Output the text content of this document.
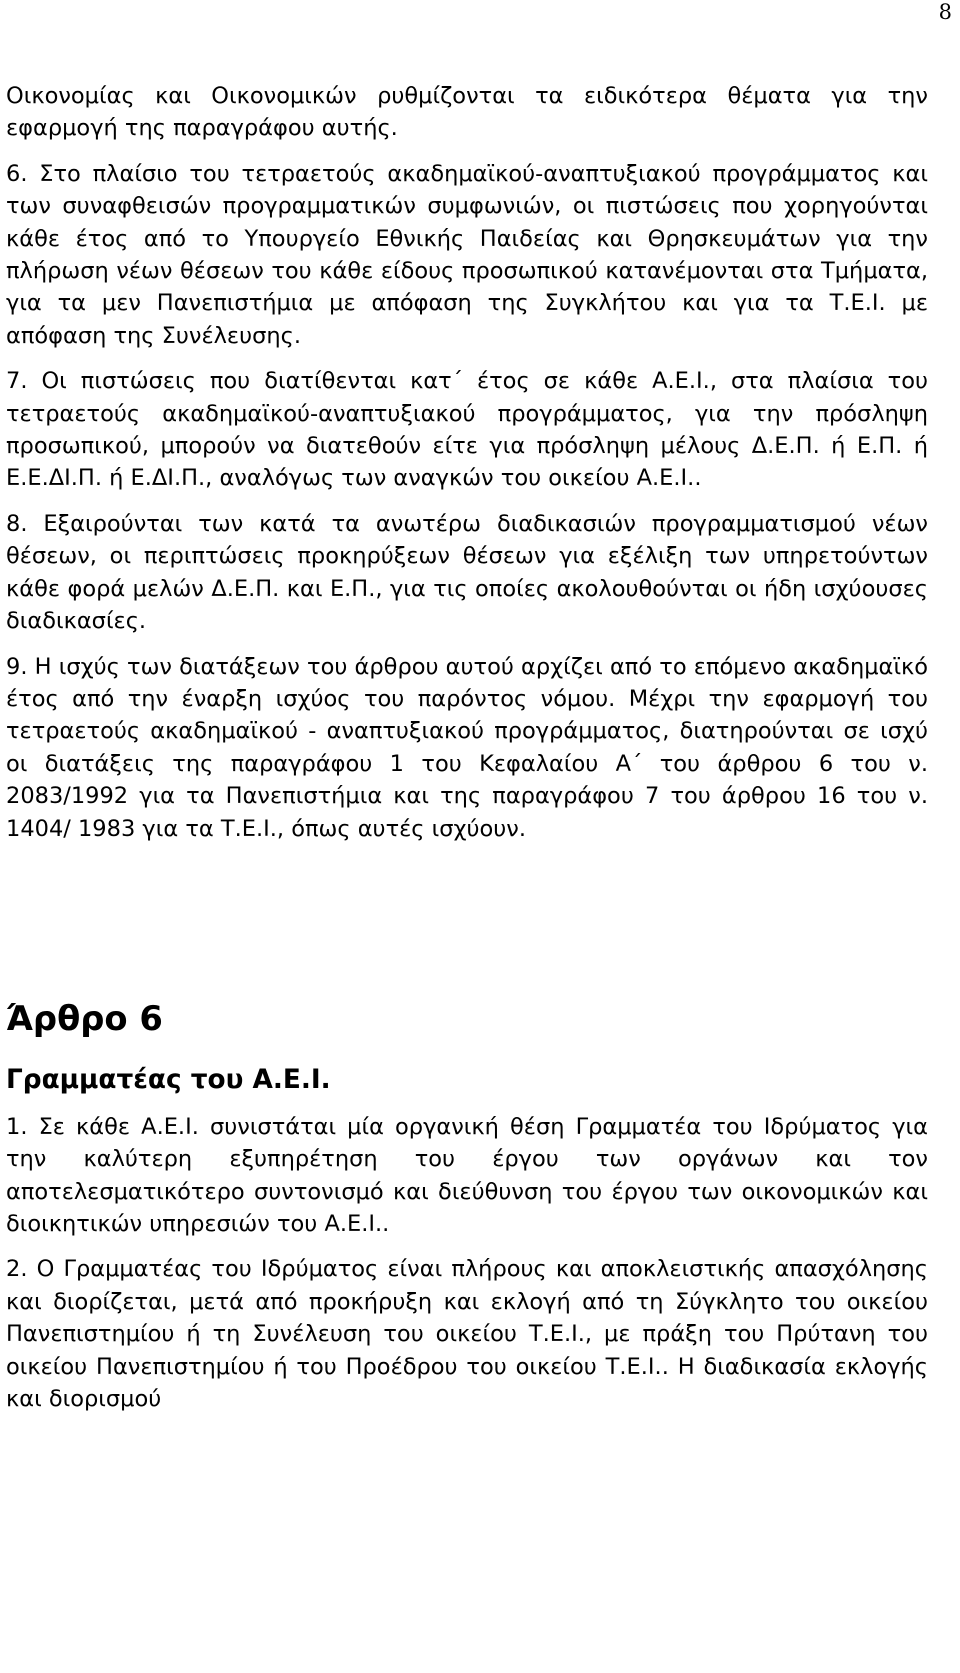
8

Οικονομίας και Οικονομικών ρυθμίζονται τα ειδικότερα θέματα για την εφαρμογή της παραγράφου αυτής.

6. Στο πλαίσιο του τετραετούς ακαδημαϊκού-αναπτυξιακού προγράμματος και των συναφθεισών προγραμματικών συμφωνιών, οι πιστώσεις που χορηγούνται κάθε έτος από το Υπουργείο Εθνικής Παιδείας και Θρησκευμάτων για την πλήρωση νέων θέσεων του κάθε είδους προσωπικού κατανέμονται στα Τμήματα, για τα μεν Πανεπιστήμια με απόφαση της Συγκλήτου και για τα Τ.Ε.Ι. με απόφαση της Συνέλευσης.

7. Οι πιστώσεις που διατίθενται κατ΄ έτος σε κάθε Α.Ε.Ι., στα πλαίσια του τετραετούς ακαδημαϊκού-αναπτυξιακού προγράμματος, για την πρόσληψη προσωπικού, μπορούν να διατεθούν είτε για πρόσληψη μέλους Δ.Ε.Π. ή Ε.Π. ή Ε.Ε.ΔΙ.Π. ή Ε.ΔΙ.Π., αναλόγως των αναγκών του οικείου Α.Ε.Ι..

8. Εξαιρούνται των κατά τα ανωτέρω διαδικασιών προγραμματισμού νέων θέσεων, οι περιπτώσεις προκηρύξεων θέσεων για εξέλιξη των υπηρετούντων κάθε φορά μελών Δ.Ε.Π. και Ε.Π., για τις οποίες ακολουθούνται οι ήδη ισχύουσες διαδικασίες.

9. Η ισχύς των διατάξεων του άρθρου αυτού αρχίζει από το επόμενο ακαδημαϊκό έτος από την έναρξη ισχύος του παρόντος νόμου. Μέχρι την εφαρμογή του τετραετούς ακαδημαϊκού - αναπτυξιακού προγράμματος, διατηρούνται σε ισχύ οι διατάξεις της παραγράφου 1 του Κεφαλαίου Α΄ του άρθρου 6 του ν. 2083/1992 για τα Πανεπιστήμια και της παραγράφου 7 του άρθρου 16 του ν. 1404/ 1983 για τα Τ.Ε.Ι., όπως αυτές ισχύουν.

Άρθρο 6
Γραμματέας του Α.Ε.Ι.

1. Σε κάθε Α.Ε.Ι. συνιστάται μία οργανική θέση Γραμματέα του Ιδρύματος για την καλύτερη εξυπηρέτηση του έργου των οργάνων και τον αποτελεσματικότερο συντονισμό και διεύθυνση του έργου των οικονομικών και διοικητικών υπηρεσιών του Α.Ε.Ι..

2. Ο Γραμματέας του Ιδρύματος είναι πλήρους και αποκλειστικής απασχόλησης και διορίζεται, μετά από προκήρυξη και εκλογή από τη Σύγκλητο του οικείου Πανεπιστημίου ή τη Συνέλευση του οικείου Τ.Ε.Ι., με πράξη του Πρύτανη του οικείου Πανεπιστημίου ή του Προέδρου του οικείου Τ.Ε.Ι.. Η διαδικασία εκλογής και διορισμού
